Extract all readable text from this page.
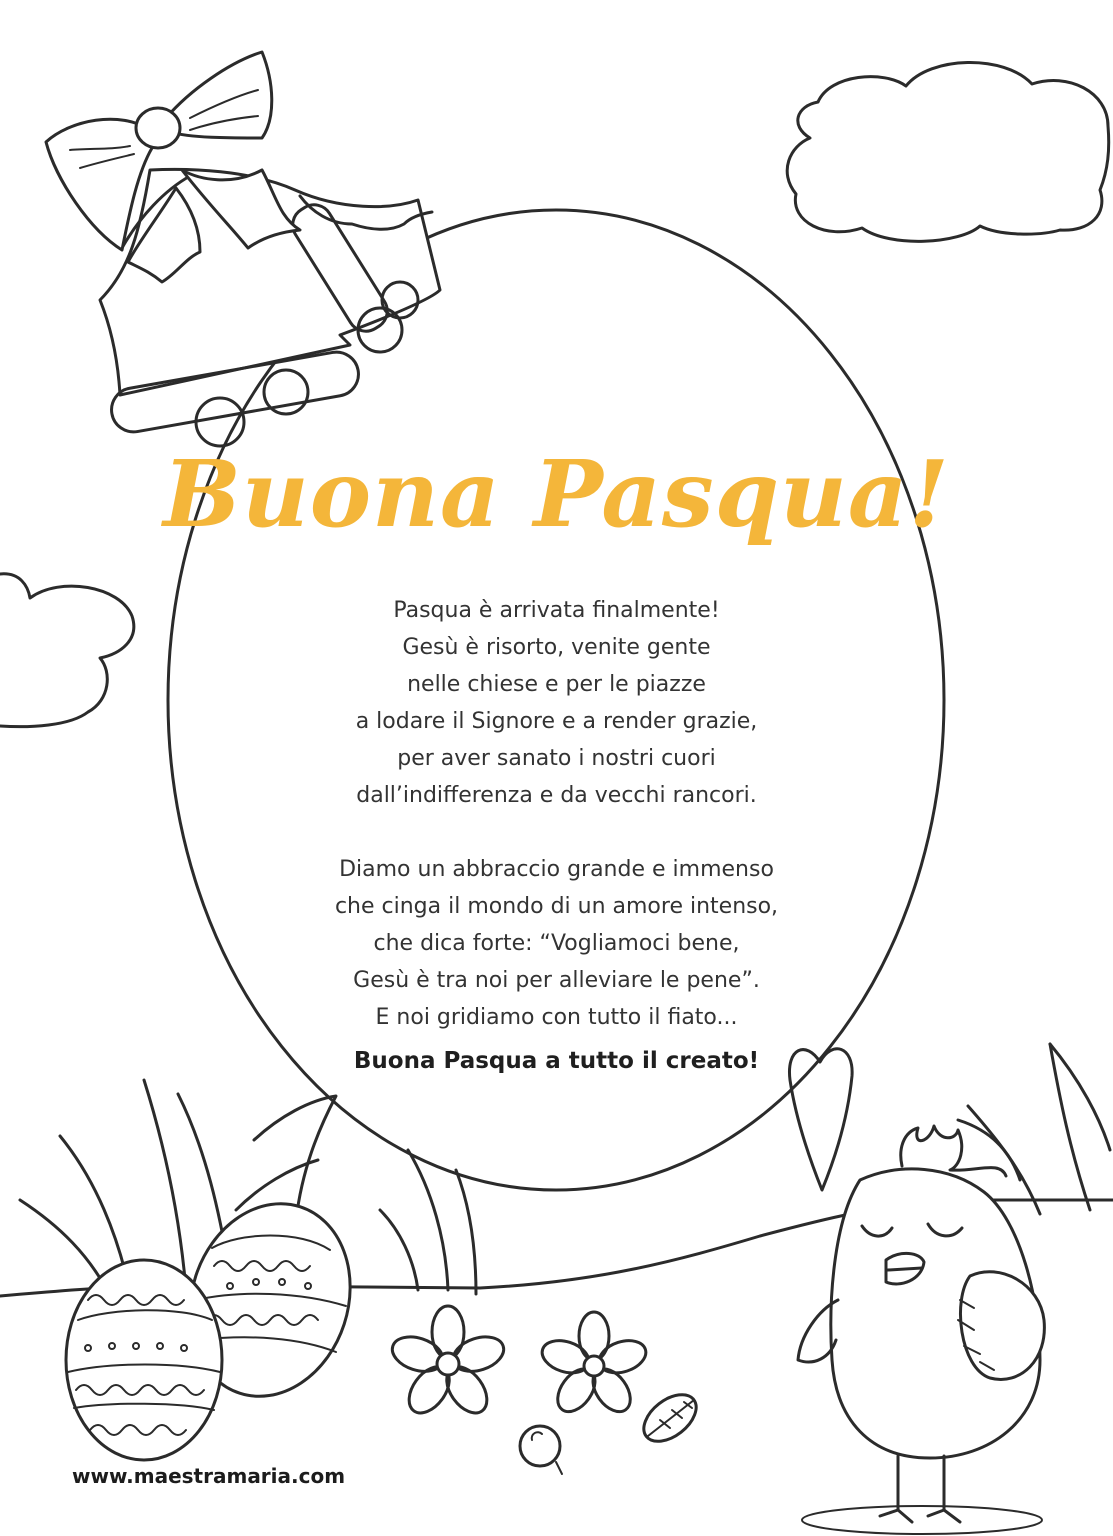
Buona Pasqua!

Pasqua è arrivata finalmente!
Gesù è risorto, venite gente
nelle chiese e per le piazze
a lodare il Signore e a render grazie,
per aver sanato i nostri cuori
dall’indifferenza e da vecchi rancori.

Diamo un abbraccio grande e immenso
che cinga il mondo di un amore intenso,
che dica forte: “Vogliamoci bene,
Gesù è tra noi per alleviare le pene”.
E noi gridiamo con tutto il fiato...

Buona Pasqua a tutto il creato!
www.maestramaria.com
